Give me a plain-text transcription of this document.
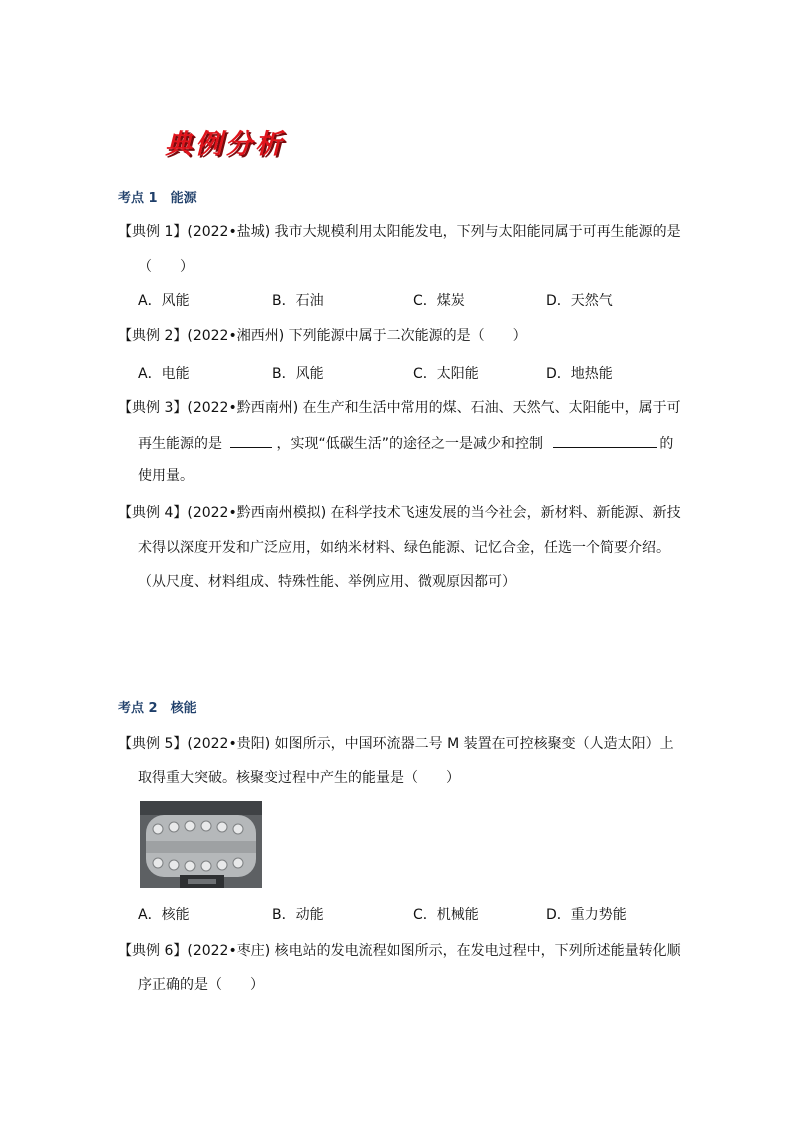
典例分析
考点 1　能源
【典例 1】(2022•盐城) 我市大规模利用太阳能发电，下列与太阳能同属于可再生能源的是
（　　）
A．风能	B．石油	C．煤炭	D．天然气
【典例 2】(2022•湘西州) 下列能源中属于二次能源的是（　　）
A．电能	B．风能	C．太阳能	D．地热能
【典例 3】(2022•黔西南州) 在生产和生活中常用的煤、石油、天然气、太阳能中，属于可
再生能源的是	，实现“低碳生活”的途径之一是减少和控制	的
使用量。
【典例 4】(2022•黔西南州模拟) 在科学技术飞速发展的当今社会，新材料、新能源、新技
术得以深度开发和广泛应用，如纳米材料、绿色能源、记忆合金，任选一个简要介绍。
（从尺度、材料组成、特殊性能、举例应用、微观原因都可）
考点 2　核能
【典例 5】(2022•贵阳) 如图所示，中国环流器二号 M 装置在可控核聚变（人造太阳）上
取得重大突破。核聚变过程中产生的能量是（　　）
A．核能	B．动能	C．机械能	D．重力势能
【典例 6】(2022•枣庄) 核电站的发电流程如图所示，在发电过程中，下列所述能量转化顺
序正确的是（　　）
